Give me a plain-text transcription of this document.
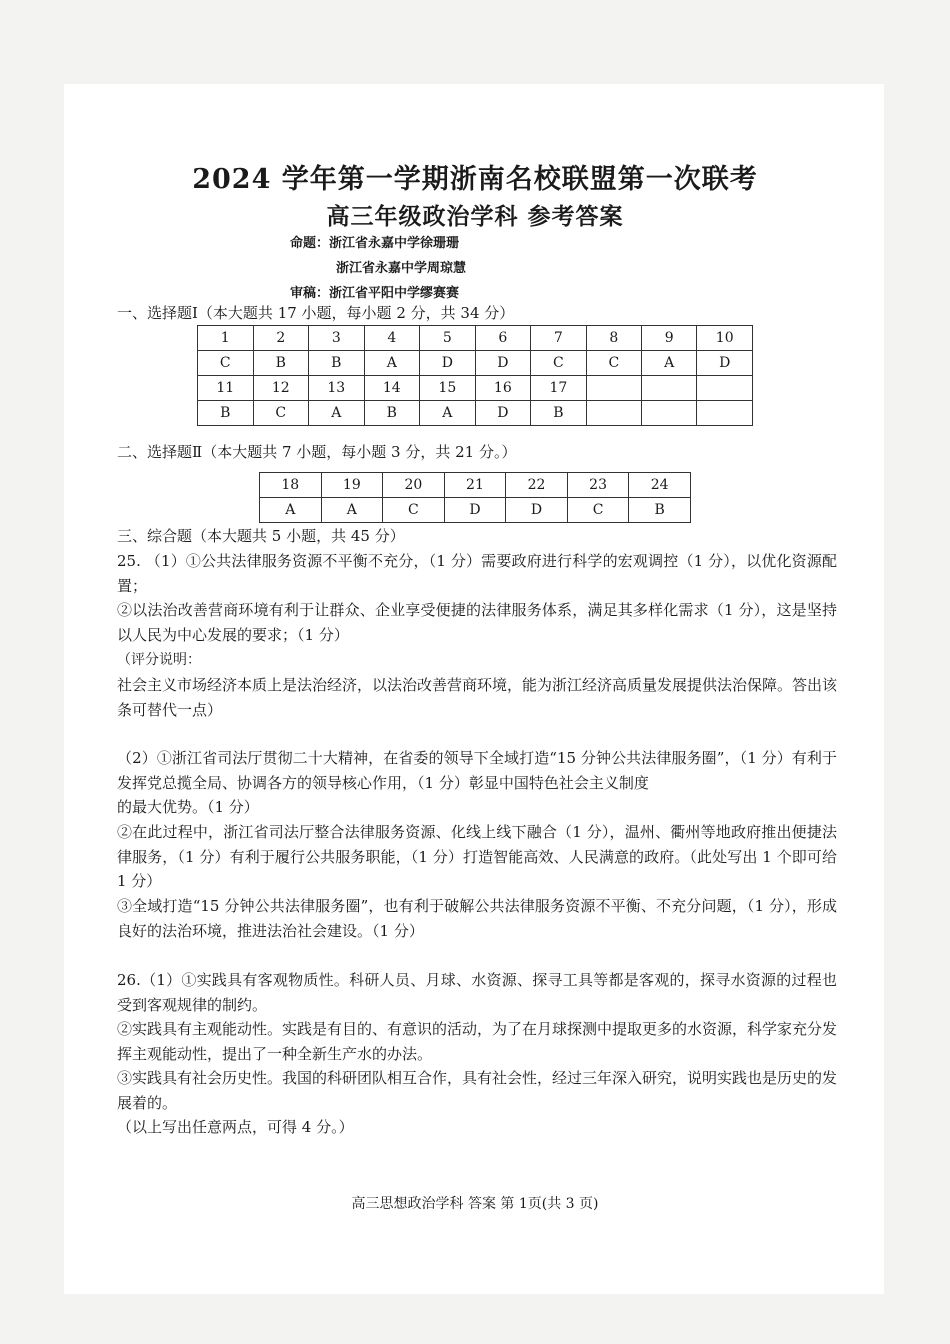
2024 学年第一学期浙南名校联盟第一次联考
高三年级政治学科 参考答案
命题：浙江省永嘉中学徐珊珊
浙江省永嘉中学周琼慧
审稿：浙江省平阳中学缪赛赛
一、选择题Ⅰ（本大题共 17 小题，每小题 2 分，共 34 分）
1	2	3	4	5	6	7	8	9	10
C	B	B	A	D	D	C	C	A	D
11	12	13	14	15	16	17			
B	C	A	B	A	D	B			
二、选择题Ⅱ（本大题共 7 小题，每小题 3 分，共 21 分。）
18	19	20	21	22	23	24
A	A	C	D	D	C	B
三、综合题（本大题共 5 小题，共 45 分）
25. （1）①公共法律服务资源不平衡不充分，（1 分）需要政府进行科学的宏观调控（1 分），以优化资源配置；
②以法治改善营商环境有利于让群众、企业享受便捷的法律服务体系，满足其多样化需求（1 分），这是坚持以人民为中心发展的要求；（1 分）
（评分说明：
社会主义市场经济本质上是法治经济，以法治改善营商环境，能为浙江经济高质量发展提供法治保障。答出该条可替代一点）
（2）①浙江省司法厅贯彻二十大精神，在省委的领导下全域打造“15 分钟公共法律服务圈”，（1 分）有利于发挥党总揽全局、协调各方的领导核心作用，（1 分）彰显中国特色社会主义制度
的最大优势。（1 分）
②在此过程中，浙江省司法厅整合法律服务资源、化线上线下融合（1 分），温州、衢州等地政府推出便捷法律服务，（1 分）有利于履行公共服务职能，（1 分）打造智能高效、人民满意的政府。（此处写出 1 个即可给 1 分）
③全域打造“15 分钟公共法律服务圈”，也有利于破解公共法律服务资源不平衡、不充分问题，（1 分），形成良好的法治环境，推进法治社会建设。（1 分）
26.（1）①实践具有客观物质性。科研人员、月球、水资源、探寻工具等都是客观的，探寻水资源的过程也受到客观规律的制约。
②实践具有主观能动性。实践是有目的、有意识的活动，为了在月球探测中提取更多的水资源，科学家充分发挥主观能动性，提出了一种全新生产水的办法。
③实践具有社会历史性。我国的科研团队相互合作，具有社会性，经过三年深入研究，说明实践也是历史的发展着的。
（以上写出任意两点，可得 4 分。）
高三思想政治学科 答案 第 1页(共 3 页)
